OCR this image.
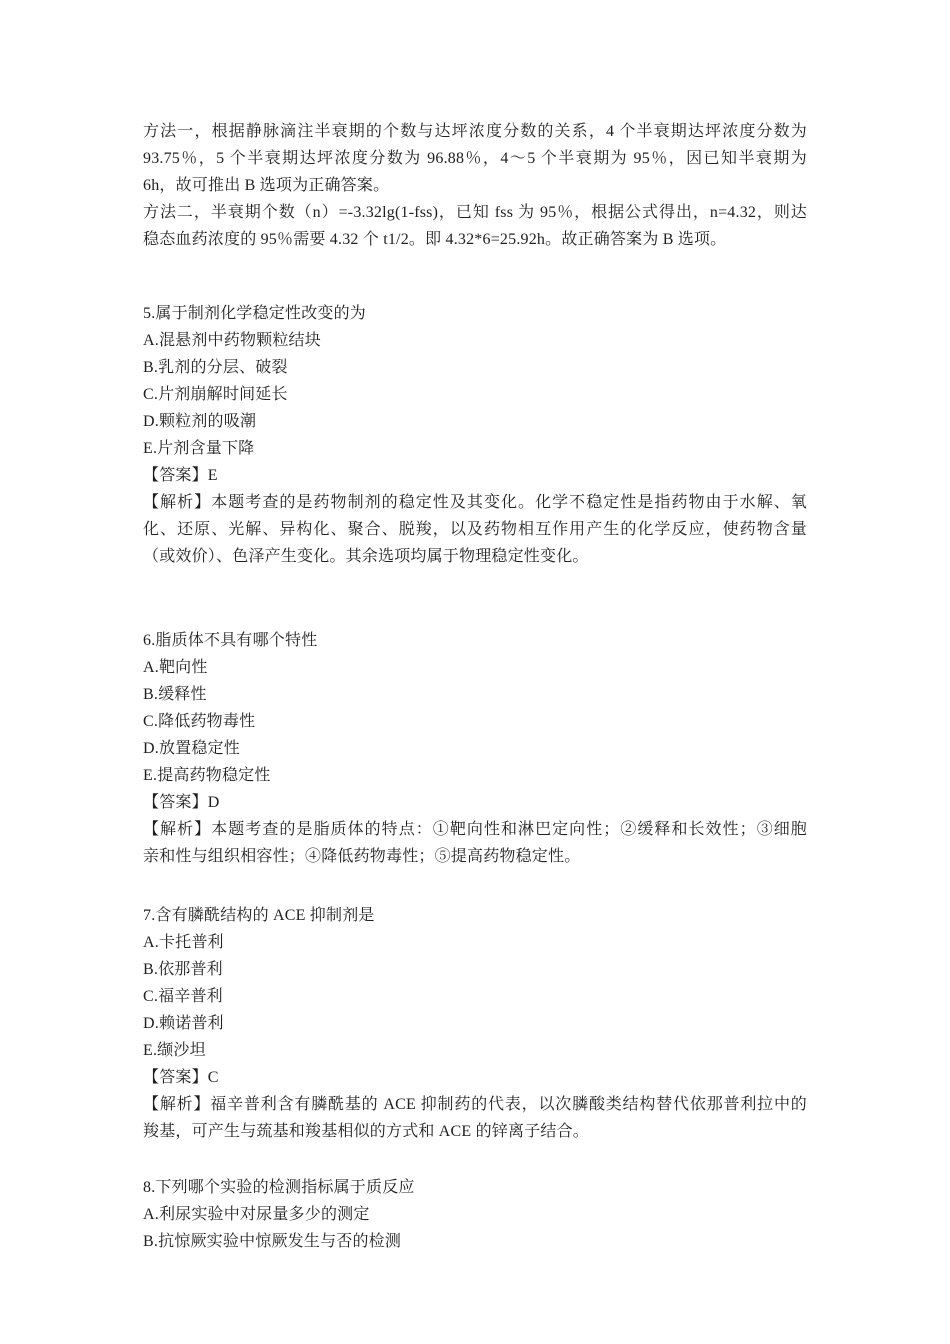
方法一，根据静脉滴注半衰期的个数与达坪浓度分数的关系，4 个半衰期达坪浓度分数为
93.75％，5 个半衰期达坪浓度分数为 96.88％，4～5 个半衰期为 95％，因已知半衰期为
6h，故可推出 B 选项为正确答案。
方法二，半衰期个数（n）=-3.32lg(1-fss)，已知 fss 为 95％，根据公式得出，n=4.32，则达
稳态血药浓度的 95％需要 4.32 个 t1/2。即 4.32*6=25.92h。故正确答案为 B 选项。
5.属于制剂化学稳定性改变的为
A.混悬剂中药物颗粒结块
B.乳剂的分层、破裂
C.片剂崩解时间延长
D.颗粒剂的吸潮
E.片剂含量下降
【答案】E
【解析】本题考查的是药物制剂的稳定性及其变化。化学不稳定性是指药物由于水解、氧
化、还原、光解、异构化、聚合、脱羧，以及药物相互作用产生的化学反应，使药物含量
（或效价）、色泽产生变化。其余选项均属于物理稳定性变化。
6.脂质体不具有哪个特性
A.靶向性
B.缓释性
C.降低药物毒性
D.放置稳定性
E.提高药物稳定性
【答案】D
【解析】本题考查的是脂质体的特点：①靶向性和淋巴定向性；②缓释和长效性；③细胞
亲和性与组织相容性；④降低药物毒性；⑤提高药物稳定性。
7.含有膦酰结构的 ACE 抑制剂是
A.卡托普利
B.依那普利
C.福辛普利
D.赖诺普利
E.缬沙坦
【答案】C
【解析】福辛普利含有膦酰基的 ACE 抑制药的代表，以次膦酸类结构替代依那普利拉中的
羧基，可产生与巯基和羧基相似的方式和 ACE 的锌离子结合。
8.下列哪个实验的检测指标属于质反应
A.利尿实验中对尿量多少的测定
B.抗惊厥实验中惊厥发生与否的检测
